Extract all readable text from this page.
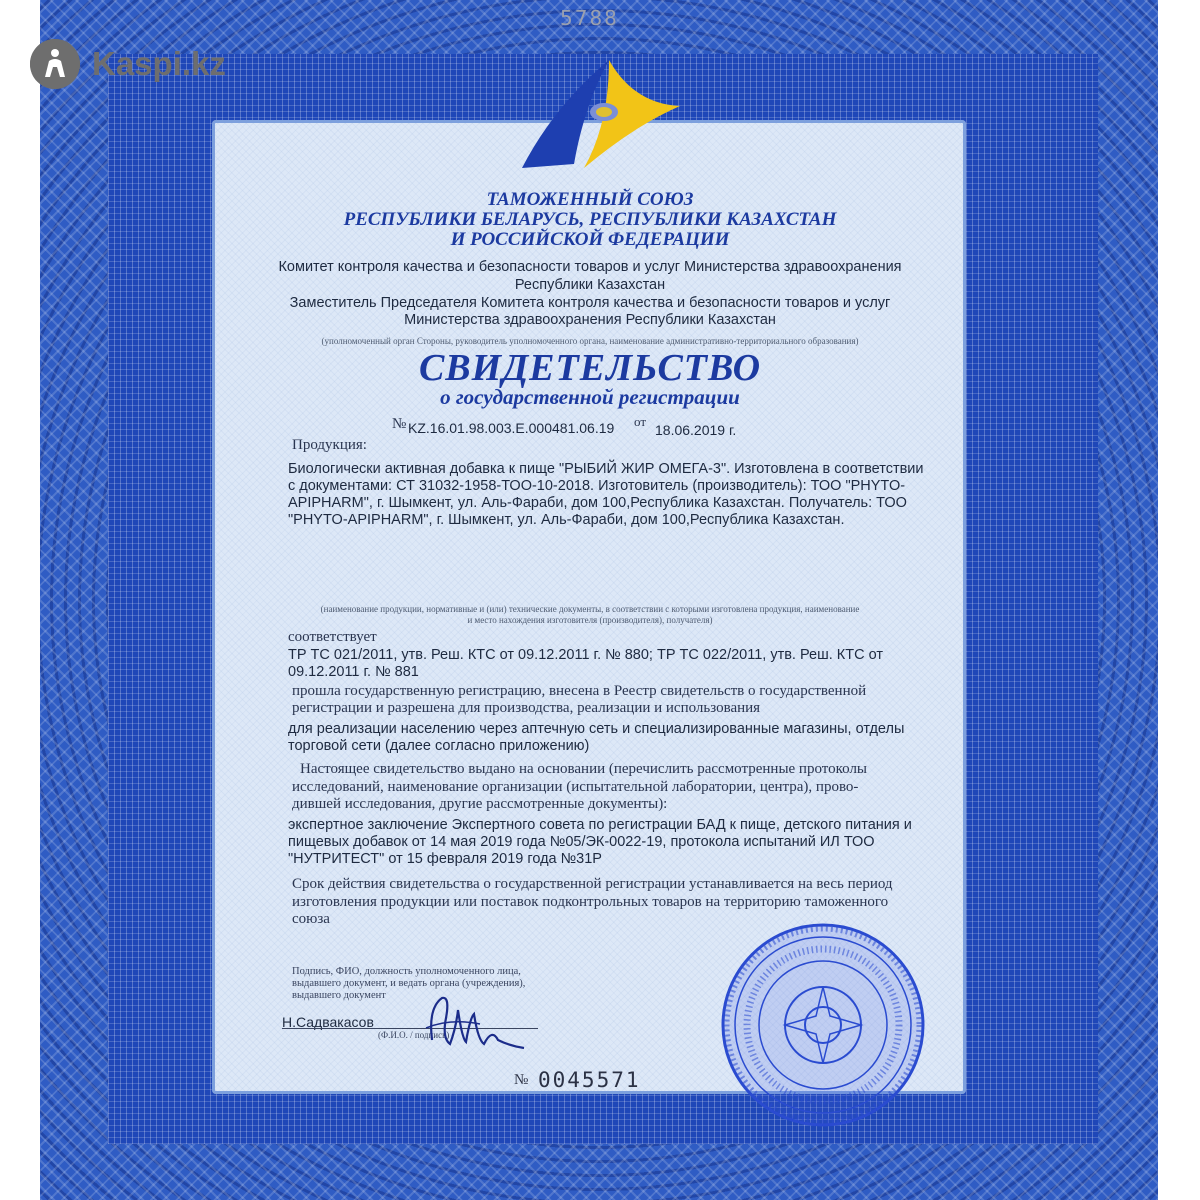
Kaspi.kz
5788
ТАМОЖЕННЫЙ СОЮЗ
РЕСПУБЛИКИ БЕЛАРУСЬ, РЕСПУБЛИКИ КАЗАХСТАН
И РОССИЙСКОЙ ФЕДЕРАЦИИ
Комитет контроля качества и безопасности товаров и услуг Министерства здравоохранения
Республики Казахстан
Заместитель Председателя Комитета контроля качества и безопасности товаров и услуг
Министерства здравоохранения Республики Казахстан
(уполномоченный орган Стороны, руководитель уполномоченного органа, наименование административно-территориального образования)
СВИДЕТЕЛЬСТВО
о государственной регистрации
№ KZ.16.01.98.003.E.000481.06.19 от
18.06.2019 г.
Продукция:
Биологически активная добавка к пище "РЫБИЙ ЖИР ОМЕГА-3". Изготовлена в соответствии
с документами: СТ 31032-1958-ТОО-10-2018. Изготовитель (производитель): ТОО "PHYTO-
APIPHARM", г. Шымкент, ул. Аль-Фараби, дом 100,Республика Казахстан. Получатель: ТОО
"PHYTO-APIPHARM", г. Шымкент, ул. Аль-Фараби, дом 100,Республика Казахстан.
(наименование продукции, нормативные и (или) технические документы, в соответствии с которыми изготовлена продукция, наименование
и место нахождения изготовителя (производителя), получателя)
соответствует
ТР ТС 021/2011, утв. Реш. КТС от 09.12.2011 г. № 880; ТР ТС 022/2011, утв. Реш. КТС от
09.12.2011 г. № 881
прошла государственную регистрацию, внесена в Реестр свидетельств о государственной
регистрации и разрешена для производства, реализации и использования
для реализации населению через аптечную сеть и специализированные магазины, отделы
торговой сети (далее согласно приложению)
Настоящее свидетельство выдано на основании (перечислить рассмотренные протоколы
исследований, наименование организации (испытательной лаборатории, центра), прово-
дившей исследования, другие рассмотренные документы):
экспертное заключение Экспертного совета по регистрации БАД к пище, детского питания и
пищевых добавок от 14 мая 2019 года №05/ЭК-0022-19, протокола испытаний ИЛ ТОО
"НУТРИТЕСТ" от 15 февраля 2019 года №31Р
Срок действия свидетельства о государственной регистрации устанавливается на весь период
изготовления продукции или поставок подконтрольных товаров на территорию таможенного
союза
Подпись, ФИО, должность уполномоченного лица,
выдавшего документ, и ведать органа (учреждения),
выдавшего документ
Н.Садвакасов
(Ф.И.О. / подпись)
№ 0045571
